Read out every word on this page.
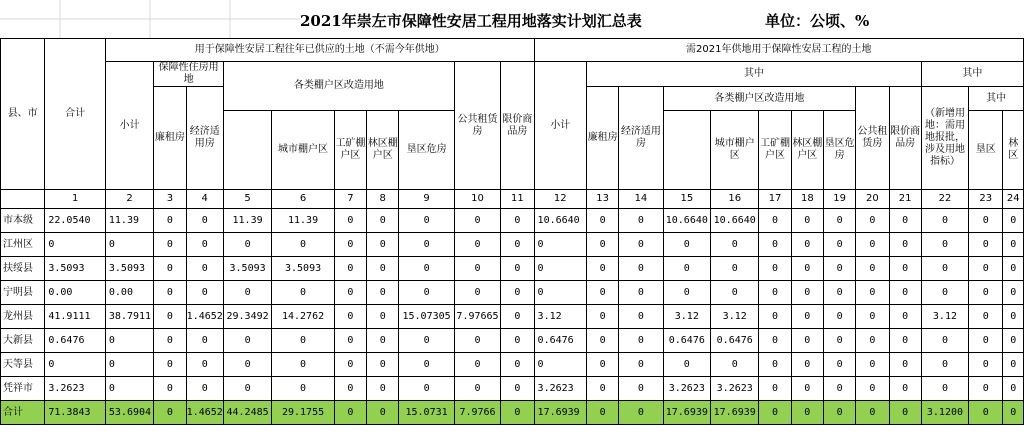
2021年崇左市保障性安居工程用地落实计划汇总表	单位：公顷、%
县、市	合计	用于保障性安居工程往年已供应的土地（不需今年供地）										需2021年供地用于保障性安居工程的土地												
		小计	保障性住房用地		各类棚户区改造用地					公共租赁房	限价商品房	小计	其中									其中		
			廉租房	经济适用房									廉租房	经济适用房	各类棚户区改造用地					公共租赁房	限价商品房	（新增用地：需用地报批，涉及用地指标）	其中	
						城市棚户区	工矿棚户区	林区棚户区	垦区危房							城市棚户区	工矿棚户区	林区棚户区	垦区危房				垦区	林区
	1	2	3	4	5	6	7	8	9	10	11	12	13	14	15	16	17	18	19	20	21	22	23	24
市本级	22.0540	11.39	0	0	11.39	11.39	0	0	0	0	0	10.6640	0	0	10.6640	10.6640	0	0	0	0	0	0	0	0
江州区	0	0	0	0	0	0	0	0	0	0	0	0	0	0	0	0	0	0	0	0	0	0	0	0
扶绥县	3.5093	3.5093	0	0	3.5093	3.5093	0	0	0	0	0	0	0	0	0	0	0	0	0	0	0	0	0	0
宁明县	0.00	0.00	0	0	0	0	0	0	0	0	0	0	0	0	0	0	0	0	0	0	0	0	0	0
龙州县	41.9111	38.7911	0	1.4652	29.3492	14.2762	0	0	15.07305	7.97665	0	3.12	0	0	3.12	3.12	0	0	0	0	0	3.12	0	0
大新县	0.6476	0	0	0	0	0	0	0	0	0	0	0.6476	0	0	0.6476	0.6476	0	0	0	0	0	0	0	0
天等县	0	0	0	0	0	0	0	0	0	0	0	0	0	0	0	0	0	0	0	0	0	0	0	0
凭祥市	3.2623	0	0	0	0	0	0	0	0	0	0	3.2623	0	0	3.2623	3.2623	0	0	0	0	0	0	0	0
合计	71.3843	53.6904	0	1.4652	44.2485	29.1755	0	0	15.0731	7.9766	0	17.6939	0	0	17.6939	17.6939	0	0	0	0	0	3.1200	0	0
